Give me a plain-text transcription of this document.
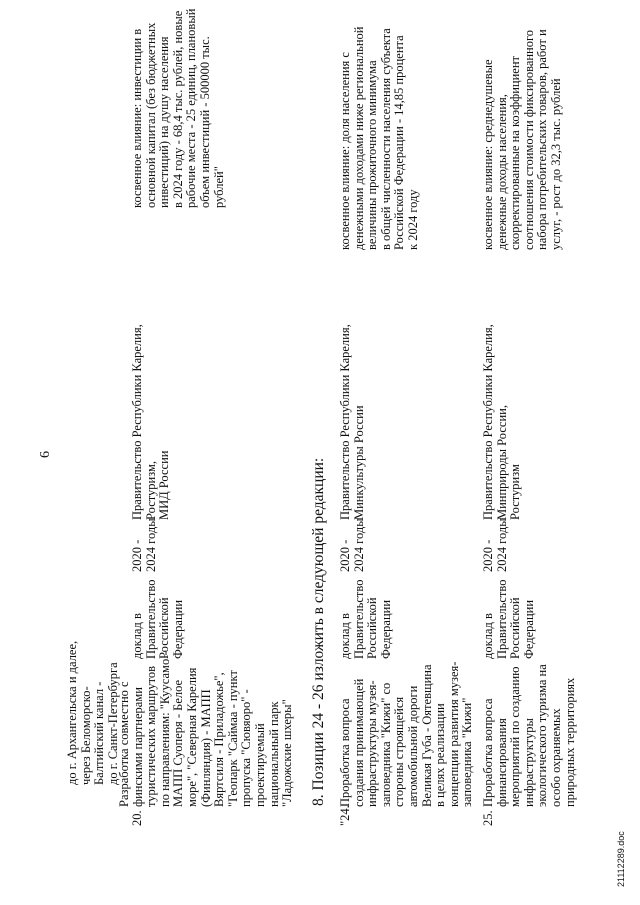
6
до г. Архангельска и далее,
через Беломорско-
Балтийский канал -
до г. Санкт-Петербурга
20.
Разработка совместно с
финскими партнерами
туристических маршрутов
по направлениям: "Куусамо -
МАПП Суоперя - Белое
море", "Северная Карелия
(Финляндия) - МАПП
Вяртсиля - Приладожье",
"Геопарк "Саймаа - пункт
пропуска "Сювяоро" -
проектируемый
национальный парк
"Ладожские шхеры"
доклад в
Правительство
Российской
Федерации
2020 -
2024 годы
Правительство Республики Карелия,
Ростуризм,
МИД России
косвенное влияние: инвестиции в
основной капитал (без бюджетных
инвестиций) на душу населения
в 2024 году - 68,4 тыс. рублей, новые
рабочие места - 25 единиц, плановый
объем инвестиций - 500000 тыс. рублей"
8. Позиции 24 - 26 изложить в следующей редакции:
"24.
Проработка вопроса
создания принимающей
инфраструктуры музея-
заповедника "Кижи" со
стороны строящейся
автомобильной дороги
Великая Губа - Оятевщина
в целях реализации
концепции развития музея-
заповедника "Кижи"
доклад в
Правительство
Российской
Федерации
2020 -
2024 годы
Правительство Республики Карелия,
Минкультуры России
косвенное влияние: доля населения с
денежными доходами ниже региональной
величины прожиточного минимума
в общей численности населения субъекта
Российской Федерации - 14,85 процента
к 2024 году
25.
Проработка вопроса
финансирования
мероприятий по созданию
инфраструктуры
экологического туризма на
особо охраняемых
природных территориях
доклад в
Правительство
Российской
Федерации
2020 -
2024 годы
Правительство Республики Карелия,
Минприроды России,
Ростуризм
косвенное влияние: среднедушевые
денежные доходы населения,
скорректированные на коэффициент
соотношения стоимости фиксированного
набора потребительских товаров, работ и
услуг, - рост до 32,3 тыс. рублей
21112289.doc
